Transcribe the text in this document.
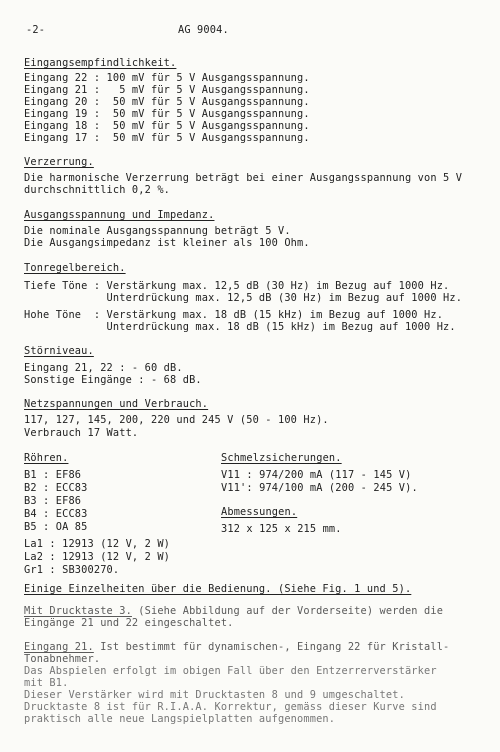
-2-	AG 9004.
Eingangsempfindlichkeit.
Eingang 22 : 100 mV für 5 V Ausgangsspannung.
Eingang 21 :   5 mV für 5 V Ausgangsspannung.
Eingang 20 :  50 mV für 5 V Ausgangsspannung.
Eingang 19 :  50 mV für 5 V Ausgangsspannung.
Eingang 18 :  50 mV für 5 V Ausgangsspannung.
Eingang 17 :  50 mV für 5 V Ausgangsspannung.
Verzerrung.
Die harmonische Verzerrung beträgt bei einer Ausgangsspannung von 5 V
durchschnittlich 0,2 %.
Ausgangsspannung und Impedanz.
Die nominale Ausgangsspannung beträgt 5 V.
Die Ausgangsimpedanz ist kleiner als 100 Ohm.
Tonregelbereich.
Tiefe Töne : Verstärkung max. 12,5 dB (30 Hz) im Bezug auf 1000 Hz.
Unterdrückung max. 12,5 dB (30 Hz) im Bezug auf 1000 Hz.
Hohe Töne  : Verstärkung max. 18 dB (15 kHz) im Bezug auf 1000 Hz.
Unterdrückung max. 18 dB (15 kHz) im Bezug auf 1000 Hz.
Störniveau.
Eingang 21, 22 : - 60 dB.
Sonstige Eingänge : - 68 dB.
Netzspannungen und Verbrauch.
117, 127, 145, 200, 220 und 245 V (50 - 100 Hz).
Verbrauch 17 Watt.
Röhren.
B1 : EF86
B2 : ECC83
B3 : EF86
B4 : ECC83
B5 : OA 85
La1 : 12913 (12 V, 2 W)
La2 : 12913 (12 V, 2 W)
Gr1 : SB300270.
Schmelzsicherungen.
V11 : 974/200 mA (117 - 145 V)
V11': 974/100 mA (200 - 245 V).
Abmessungen.
312 x 125 x 215 mm.
Einige Einzelheiten über die Bedienung. (Siehe Fig. 1 und 5).
Mit Drucktaste 3. (Siehe Abbildung auf der Vorderseite) werden die
Eingänge 21 und 22 eingeschaltet.
Eingang 21. Ist bestimmt für dynamischen-, Eingang 22 für Kristall-
Tonabnehmer.
Das Abspielen erfolgt im obigen Fall über den Entzerrerverstärker
mit B1.
Dieser Verstärker wird mit Drucktasten 8 und 9 umgeschaltet.
Drucktaste 8 ist für R.I.A.A. Korrektur, gemäss dieser Kurve sind
praktisch alle neue Langspielplatten aufgenommen.
